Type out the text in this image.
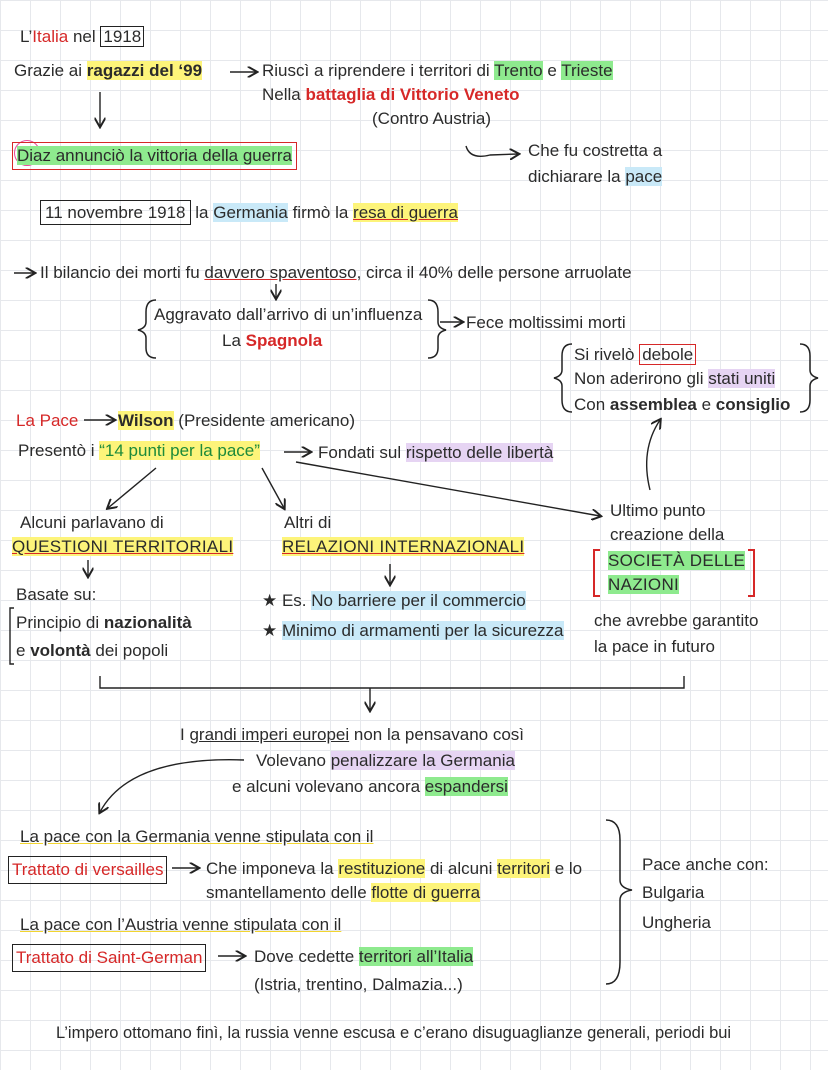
L’Italia nel 1918
Grazie ai ragazzi del ‘99	Riuscì a riprendere i territori di Trento e Trieste
Nella battaglia di Vittorio Veneto
(Contro Austria)
Diaz annunciò la vittoria della guerra	Che fu costretta a
dichiarare la pace
11 novembre 1918 la Germania firmò la resa di guerra
Il bilancio dei morti fu davvero spaventoso, circa il 40% delle persone arruolate
Aggravato dall’arrivo di un’influenza
La Spagnola
Fece moltissimi morti
Si rivelò debole
Non aderirono gli stati uniti
Con assemblea e consiglio
La Pace Wilson (Presidente americano)
Presentò i “14 punti per la pace”	Fondati sul rispetto delle libertà
Alcuni parlavano di
QUESTIONI TERRITORIALI
Altri di
RELAZIONI INTERNAZIONALI
Ultimo punto
creazione della
SOCIETÀ DELLE
NAZIONI
Basate su:
Principio di nazionalità
e volontà dei popoli
★ Es. No barriere per il commercio
★ Minimo di armamenti per la sicurezza
che avrebbe garantito
la pace in futuro
I grandi imperi europei non la pensavano così
Volevano penalizzare la Germania
e alcuni volevano ancora espandersi
La pace con la Germania venne stipulata con il
Trattato di versailles	Che imponeva la restituzione di alcuni territori e lo
smantellamento delle flotte di guerra
La pace con l’Austria venne stipulata con il
Trattato di Saint-German	Dove cedette territori all’Italia
(Istria, trentino, Dalmazia...)
Pace anche con:
Bulgaria
Ungheria
L’impero ottomano finì, la russia venne escusa e c’erano disuguaglianze generali, periodi bui
